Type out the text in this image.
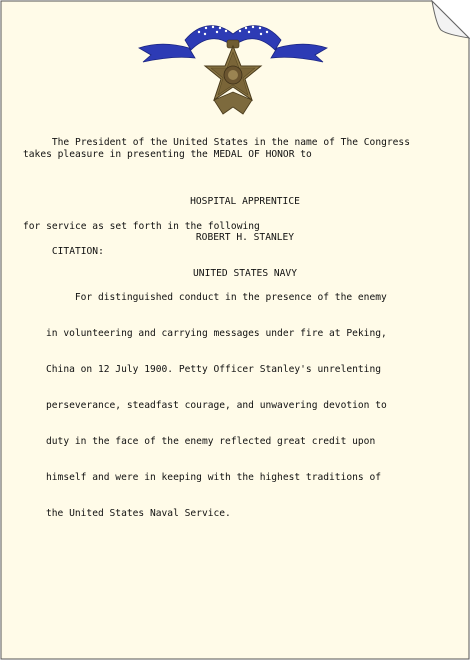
The President of the United States in the name of The Congress
takes pleasure in presenting the MEDAL OF HONOR to

HOSPITAL APPRENTICE

ROBERT H. STANLEY

UNITED STATES NAVY

for service as set forth in the following

CITATION:

For distinguished conduct in the presence of the enemy

in volunteering and carrying messages under fire at Peking,

China on 12 July 1900. Petty Officer Stanley's unrelenting

perseverance, steadfast courage, and unwavering devotion to

duty in the face of the enemy reflected great credit upon

himself and were in keeping with the highest traditions of

the United States Naval Service.
